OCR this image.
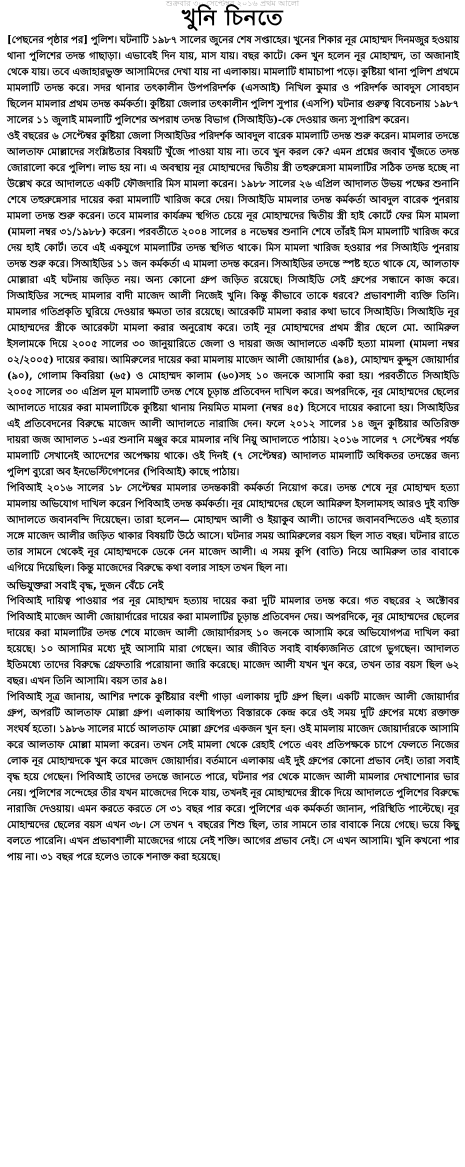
শুক্রবার ৩০ সেপ্টেম্বর ২০১৬ প্রথম আলো
খুনি চিনতে

[পেছনের পৃষ্ঠার পর] পুলিশ। ঘটনাটি ১৯৮৭ সালের জুনের শেষ সপ্তাহের। খুনের শিকার নূর মোহাম্মদ দিনমজুর হওয়ায় থানা পুলিশের তদন্ত গাছাড়া। এভাবেই দিন যায়, মাস যায়। বছর কাটে। কেন খুন হলেন নূর মোহাম্মদ, তা অজানাই থেকে যায়। তবে এজাহারভুক্ত আসামিদের দেখা যায় না এলাকায়। মামলাটি ধামাচাপা পড়ে। কুষ্টিয়া থানা পুলিশ প্রথমে মামলাটি তদন্ত করে। সদর থানার তৎকালীন উপপরিদর্শক (এসআই) নিখিল কুমার ও পরিদর্শক আবদুস সোবহান ছিলেন মামলার প্রথম তদন্ত কর্মকর্তা। কুষ্টিয়া জেলার তৎকালীন পুলিশ সুপার (এসপি) ঘটনার গুরুত্ব বিবেচনায় ১৯৮৭ সালের ১১ জুলাই মামলাটি পুলিশের অপরাধ তদন্ত বিভাগ (সিআইডি)-কে দেওয়ার জন্য সুপারিশ করেন।

ওই বছরের ৬ সেপ্টেম্বর কুষ্টিয়া জেলা সিআইডির পরিদর্শক আবদুল বারেক মামলাটি তদন্ত শুরু করেন। মামলার তদন্তে আলতাফ মোল্লাদের সংশ্লিষ্টতার বিষয়টি খুঁজে পাওয়া যায় না। তবে খুন করল কে? এমন প্রশ্নের জবাব খুঁজতে তদন্ত জোরালো করে পুলিশ। লাভ হয় না। এ অবস্থায় নূর মোহাম্মদের দ্বিতীয় স্ত্রী তহুরুন্নেসা মামলাটির সঠিক তদন্ত হচ্ছে না উল্লেখ করে আদালতে একটি ফৌজদারি মিস মামলা করেন। ১৯৮৮ সালের ২৬ এপ্রিল আদালত উভয় পক্ষের শুনানি শেষে তহুরুন্নেসার দায়ের করা মামলাটি খারিজ করে দেয়। সিআইডি মামলার তদন্ত কর্মকর্তা আবদুল বারেক পুনরায় মামলা তদন্ত শুরু করেন। তবে মামলার কার্যক্রম স্থগিত চেয়ে নূর মোহাম্মদের দ্বিতীয় স্ত্রী হাই কোর্টে ফের মিস মামলা (মামলা নম্বর ৩১/১৯৮৮) করেন। পরবর্তীতে ২০০৪ সালের ৪ নভেম্বর শুনানি শেষে তাঁরই মিস মামলাটি খারিজ করে দেয় হাই কোর্ট। তবে এই একযুগে মামলাটির তদন্ত স্থগিত থাকে। মিস মামলা খারিজ হওয়ার পর সিআইডি পুনরায় তদন্ত শুরু করে। সিআইডির ১১ জন কর্মকর্তা এ মামলা তদন্ত করেন। সিআইডির তদন্তে স্পষ্ট হতে থাকে যে, আলতাফ মোল্লারা এই ঘটনায় জড়িত নয়। অন্য কোনো গ্রুপ জড়িত রয়েছে। সিআইডি সেই গ্রুপের সন্ধানে কাজ করে। সিআইডির সন্দেহ মামলার বাদী মাজেদ আলী নিজেই খুনি। কিন্তু কীভাবে তাকে ধরবে? প্রভাবশালী ব্যক্তি তিনি। মামলার গতিপ্রকৃতি ঘুরিয়ে দেওয়ার ক্ষমতা তার রয়েছে। আরেকটি মামলা করার কথা ভাবে সিআইডি। সিআইডি নূর মোহাম্মদের স্ত্রীকে আরেকটা মামলা করার অনুরোধ করে। তাই নূর মোহাম্মদের প্রথম স্ত্রীর ছেলে মো. আমিরুল ইসলামকে দিয়ে ২০০৫ সালের ৩০ জানুয়ারিতে জেলা ও দায়রা জজ আদালতে একটি হত্যা মামলা (মামলা নম্বর ০২/২০০৫) দায়ের করায়। আমিরুলের দায়ের করা মামলায় মাজেদ আলী জোয়ার্দার (৯৪), মোহাম্মদ কুদ্দুস জোয়ার্দার (৯০), গোলাম কিবরিয়া (৬৫) ও মোহাম্মদ কালাম (৬০)সহ ১০ জনকে আসামি করা হয়। পরবর্তীতে সিআইডি ২০০৫ সালের ৩০ এপ্রিল মূল মামলাটি তদন্ত শেষে চূড়ান্ত প্রতিবেদন দাখিল করে। অপরদিকে, নূর মোহাম্মদের ছেলের আদালতে দায়ের করা মামলাটিকে কুষ্টিয়া থানায় নিয়মিত মামলা (নম্বর ৪৫) হিসেবে দায়ের করানো হয়। সিআইডির এই প্রতিবেদনের বিরুদ্ধে মাজেদ আলী আদালতে নারাজি দেন। ফলে ২০১২ সালের ১৪ জুন কুষ্টিয়ার অতিরিক্ত দায়রা জজ আদালত ১-এর শুনানি মঞ্জুর করে মামলার নথি নিয়ু আদালতে পাঠায়। ২০১৬ সালের ৭ সেপ্টেম্বর পর্যন্ত মামলাটি সেখানেই আদেশের অপেক্ষায় থাকে। ওই দিনই (৭ সেপ্টেম্বর) আদালত মামলাটি অধিকতর তদন্তের জন্য পুলিশ ব্যুরো অব ইনভেস্টিগেশনের (পিবিআই) কাছে পাঠায়।

পিবিআই ২০১৬ সালের ১৮ সেপ্টেম্বর মামলার তদন্তকারী কর্মকর্তা নিয়োগ করে। তদন্ত শেষে নূর মোহাম্মদ হত্যা মামলায় অভিযোগ দাখিল করেন পিবিআই তদন্ত কর্মকর্তা। নূর মোহাম্মদের ছেলে আমিরুল ইসলামসহ আরও দুই ব্যক্তি আদালতে জবানবন্দি দিয়েছেন। তারা হলেন— মোহাম্মদ আলী ও ইয়াকুব আলী। তাদের জবানবন্দিতেও এই হত্যার সঙ্গে মাজেদ আলীর জড়িত থাকার বিষয়টি উঠে আসে। ঘটনার সময় আমিরুলের বয়স ছিল সাত বছর। ঘটনার রাতে তার সামনে থেকেই নূর মোহাম্মদকে ডেকে নেন মাজেদ আলী। এ সময় কুপি (বাতি) নিয়ে আমিরুল তার বাবাকে এগিয়ে দিয়েছিল। কিন্তু মাজেদের বিরুদ্ধে কথা বলার সাহস তখন ছিল না।

অভিযুক্তরা সবাই বৃদ্ধ, দুজন বেঁচে নেই

পিবিআই দায়িত্ব পাওয়ার পর নূর মোহাম্মদ হত্যায় দায়ের করা দুটি মামলার তদন্ত করে। গত বছরের ২ অক্টোবর পিবিআই মাজেদ আলী জোয়ার্দারের দায়ের করা মামলাটির চূড়ান্ত প্রতিবেদন দেয়। অপরদিকে, নূর মোহাম্মদের ছেলের দায়ের করা মামলাটির তদন্ত শেষে মাজেদ আলী জোয়ার্দারসহ ১০ জনকে আসামি করে অভিযোগপত্র দাখিল করা হয়েছে। ১০ আসামির মধ্যে দুই আসামি মারা গেছেন। আর জীবিত সবাই বার্ধক্যজনিত রোগে ভুগছেন। আদালত ইতিমধ্যে তাদের বিরুদ্ধে গ্রেফতারি পরোয়ানা জারি করেছে। মাজেদ আলী যখন খুন করে, তখন তার বয়স ছিল ৬২ বছর। এখন তিনি আসামি। বয়স তার ৯৪।

পিবিআই সূত্র জানায়, আশির দশকে কুষ্টিয়ার বংশী গাড়া এলাকায় দুটি গ্রুপ ছিল। একটি মাজেদ আলী জোয়ার্দার গ্রুপ, অপরটি আলতাফ মোল্লা গ্রুপ। এলাকায় আধিপত্য বিস্তারকে কেন্দ্র করে ওই সময় দুটি গ্রুপের মধ্যে রক্তাক্ত সংঘর্ষ হতো। ১৯৮৬ সালের মার্চে আলতাফ মোল্লা গ্রুপের একজন খুন হন। ওই মামলায় মাজেদ জোয়ার্দারকে আসামি করে আলতাফ মোল্লা মামলা করেন। তখন সেই মামলা থেকে রেহাই পেতে এবং প্রতিপক্ষকে চাপে ফেলতে নিজের লোক নূর মোহাম্মদকে খুন করে মাজেদ জোয়ার্দার। বর্তমানে এলাকায় এই দুই গ্রুপের কোনো প্রভাব নেই। তারা সবাই বৃদ্ধ হয়ে গেছেন। পিবিআই তাদের তদন্তে জানতে পারে, ঘটনার পর থেকে মাজেদ আলী মামলার দেখাশোনার ভার নেয়। পুলিশের সন্দেহের তীর যখন মাজেদের দিকে যায়, তখনই নূর মোহাম্মদের স্ত্রীকে দিয়ে আদালতে পুলিশের বিরুদ্ধে নারাজি দেওয়ায়। এমন করতে করতে সে ৩১ বছর পার করে। পুলিশের এক কর্মকর্তা জানান, পরিস্থিতি পাল্টেছে। নূর মোহাম্মদের ছেলের বয়স এখন ৩৮। সে তখন ৭ বছরের শিশু ছিল, তার সামনে তার বাবাকে নিয়ে গেছে। ভয়ে কিছু বলতে পারেনি। এখন প্রভাবশালী মাজেদের গায়ে নেই শক্তি। আগের প্রভাব নেই। সে এখন আসামি। খুনি কখনো পার পায় না। ৩১ বছর পরে হলেও তাকে শনাক্ত করা হয়েছে।
